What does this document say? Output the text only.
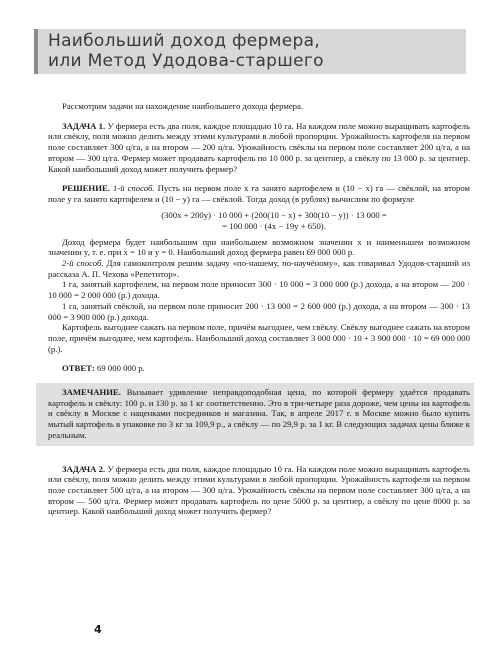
Наибольший доход фермера,
или Метод Удодова-старшего

Рассмотрим задачи на нахождение наибольшего дохода фермера.

ЗАДАЧА 1. У фермера есть два поля, каждое площадью 10 га. На каждом поле можно выращивать картофель или свёклу, поля можно делить между этими культурами в любой пропорции. Урожайность картофеля на первом поле составляет 300 ц/га, а на втором — 200 ц/га. Урожайность свёклы на первом поле составляет 200 ц/га, а на втором — 300 ц/га. Фермер может продавать картофель по 10 000 р. за центнер, а свёклу по 13 000 р. за центнер. Какой наибольший доход может получить фермер?

РЕШЕНИЕ. 1-й способ. Пусть на первом поле x га занято картофелем и (10 − x) га — свёклой, на втором поле y га занято картофелем и (10 − y) га — свёклой. Тогда доход (в рублях) вычислим по формуле

(300x + 200y) · 10 000 + (200(10 − x) + 300(10 − y)) · 13 000 =
= 100 000 · (4x − 19y + 650).

Доход фермера будет наибольшим при наибольшем возможном значении x и наименьшем возможном значении y, т. е. при x = 10 и y = 0. Наибольший доход фермера равен 69 000 000 р.

2-й способ. Для самоконтроля решим задачу «по-нашему, по-научёному», как говаривал Удодов-старший из рассказа А. П. Чехова «Репетитор».

1 га, занятый картофелем, на первом поле приносит 300 · 10 000 = 3 000 000 (р.) дохода, а на втором — 200 · 10 000 = 2 000 000 (р.) дохода.

1 га, занятый свёклой, на первом поле приносит 200 · 13 000 = 2 600 000 (р.) дохода, а на втором — 300 · 13 000 = 3 900 000 (р.) дохода.

Картофель выгоднее сажать на первом поле, причём выгоднее, чем свёклу. Свёклу выгоднее сажать на втором поле, причём выгоднее, чем картофель. Наибольший доход составляет 3 000 000 · 10 + 3 900 000 · 10 = 69 000 000 (р.).

ОТВЕТ: 69 000 000 р.

ЗАМЕЧАНИЕ. Вызывает удивление неправдоподобная цена, по которой фермеру удаётся продавать картофель и свёклу: 100 р. и 130 р. за 1 кг соответственно. Это в три-четыре раза дороже, чем цены на картофель и свёклу в Москве с наценками посредников и магазина. Так, в апреле 2017 г. в Москве можно было купить мытый картофель в упаковке по 3 кг за 109,9 р., а свёклу — по 29,9 р. за 1 кг. В следующих задачах цены ближе к реальным.

ЗАДАЧА 2. У фермера есть два поля, каждое площадью 10 га. На каждом поле можно выращивать картофель или свёклу, поля можно делить между этими культурами в любой пропорции. Урожайность картофеля на первом поле составляет 500 ц/га, а на втором — 300 ц/га. Урожайность свёклы на первом поле составляет 300 ц/га, а на втором — 500 ц/га. Фермер может продавать картофель по цене 5000 р. за центнер, а свёклу по цене 8000 р. за центнер. Какой наибольший доход может получить фермер?

4
